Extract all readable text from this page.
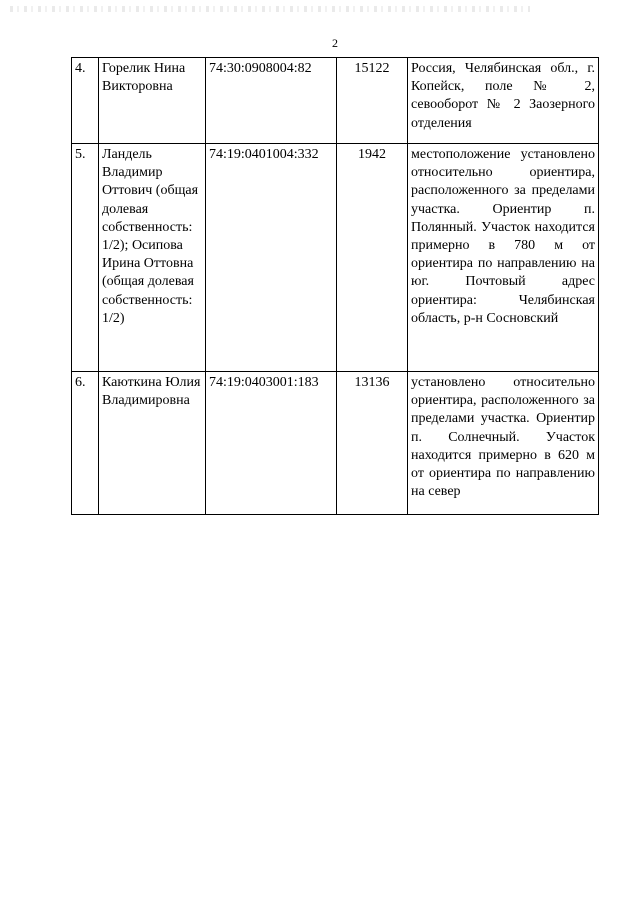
2
4.	Горелик Нина Викторовна	74:30:0908004:82	15122	Россия, Челябинская обл., г. Копейск, поле № 2, севооборот № 2 Заозерного отделения
5.	Ландель Владимир Оттович (общая долевая собственность: 1/2); Осипова Ирина Оттовна (общая долевая собственность: 1/2)	74:19:0401004:332	1942	местоположение установлено относительно ориентира, расположенного за пределами участка. Ориентир п. Полянный. Участок находится примерно в 780 м от ориентира по направлению на юг. Почтовый адрес ориентира: Челябинская область, р-н Сосновский
6.	Каюткина Юлия Владимировна	74:19:0403001:183	13136	установлено относительно ориентира, расположенного за пределами участка. Ориентир п. Солнечный. Участок находится примерно в 620 м от ориентира по направлению на север
